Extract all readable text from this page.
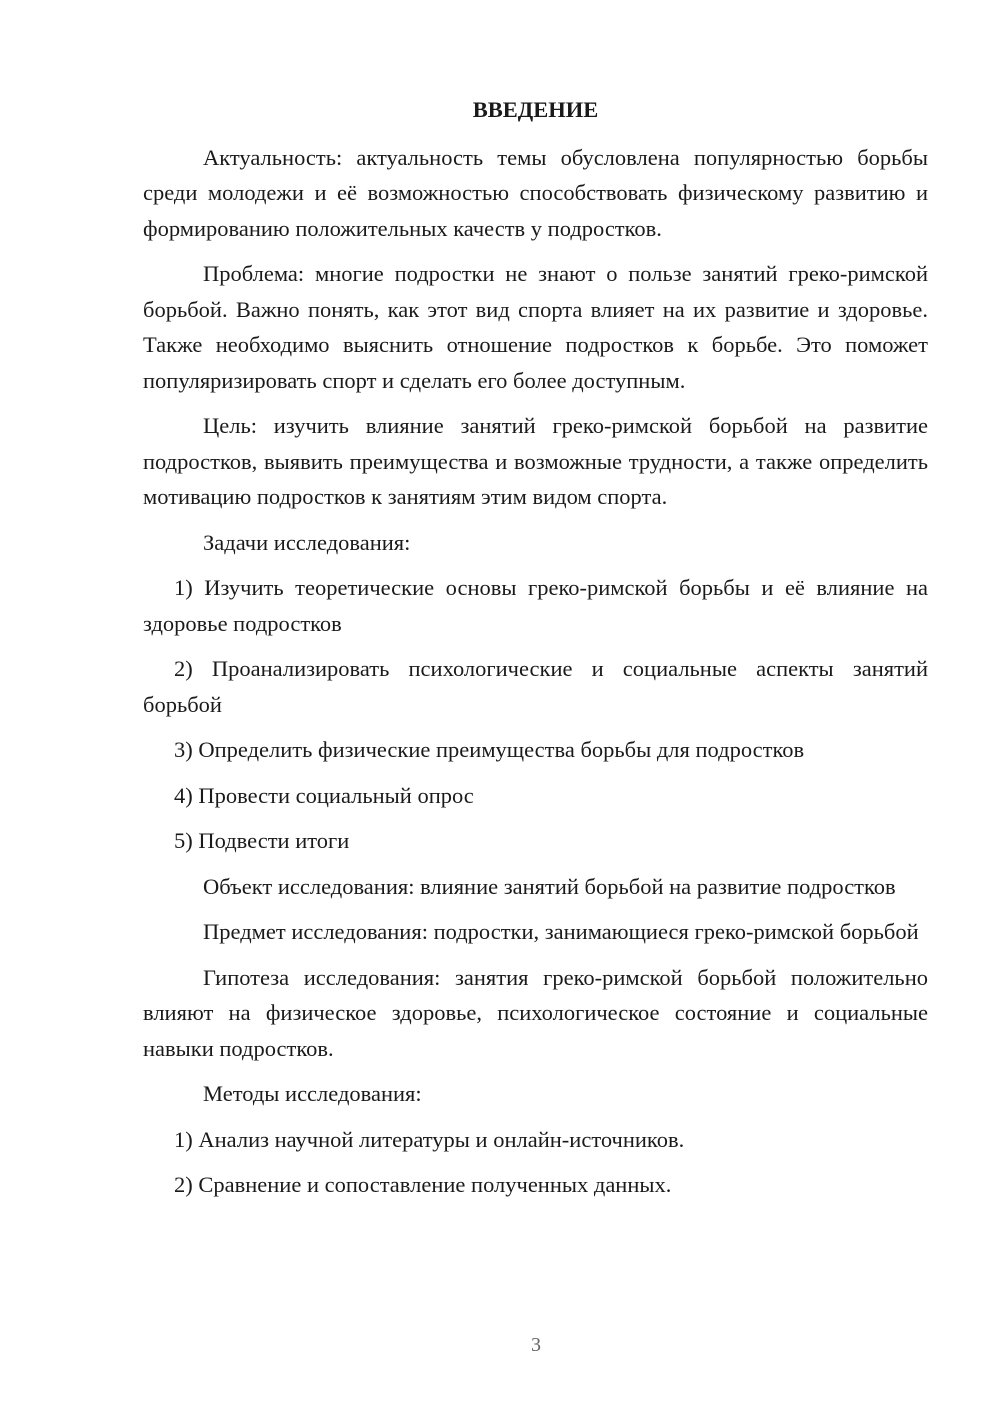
ВВЕДЕНИЕ

Актуальность: актуальность темы обусловлена популярностью борьбы среди молодежи и её возможностью способствовать физическому развитию и формированию положительных качеств у подростков.

Проблема: многие подростки не знают о пользе занятий греко-римской борьбой. Важно понять, как этот вид спорта влияет на их развитие и здоровье. Также необходимо выяснить отношение подростков к борьбе. Это поможет популяризировать спорт и сделать его более доступным.

Цель: изучить влияние занятий греко-римской борьбой на развитие подростков, выявить преимущества и возможные трудности, а также определить мотивацию подростков к занятиям этим видом спорта.

Задачи исследования:

1) Изучить теоретические основы греко-римской борьбы и её влияние на здоровье подростков

2) Проанализировать психологические и социальные аспекты занятий борьбой

3) Определить физические преимущества борьбы для подростков

4) Провести социальный опрос

5) Подвести итоги

Объект исследования: влияние занятий борьбой на развитие подростков

Предмет исследования: подростки, занимающиеся греко-римской борьбой

Гипотеза исследования: занятия греко-римской борьбой положительно влияют на физическое здоровье, психологическое состояние и социальные навыки подростков.

Методы исследования:

1) Анализ научной литературы и онлайн-источников.

2) Сравнение и сопоставление полученных данных.

3
